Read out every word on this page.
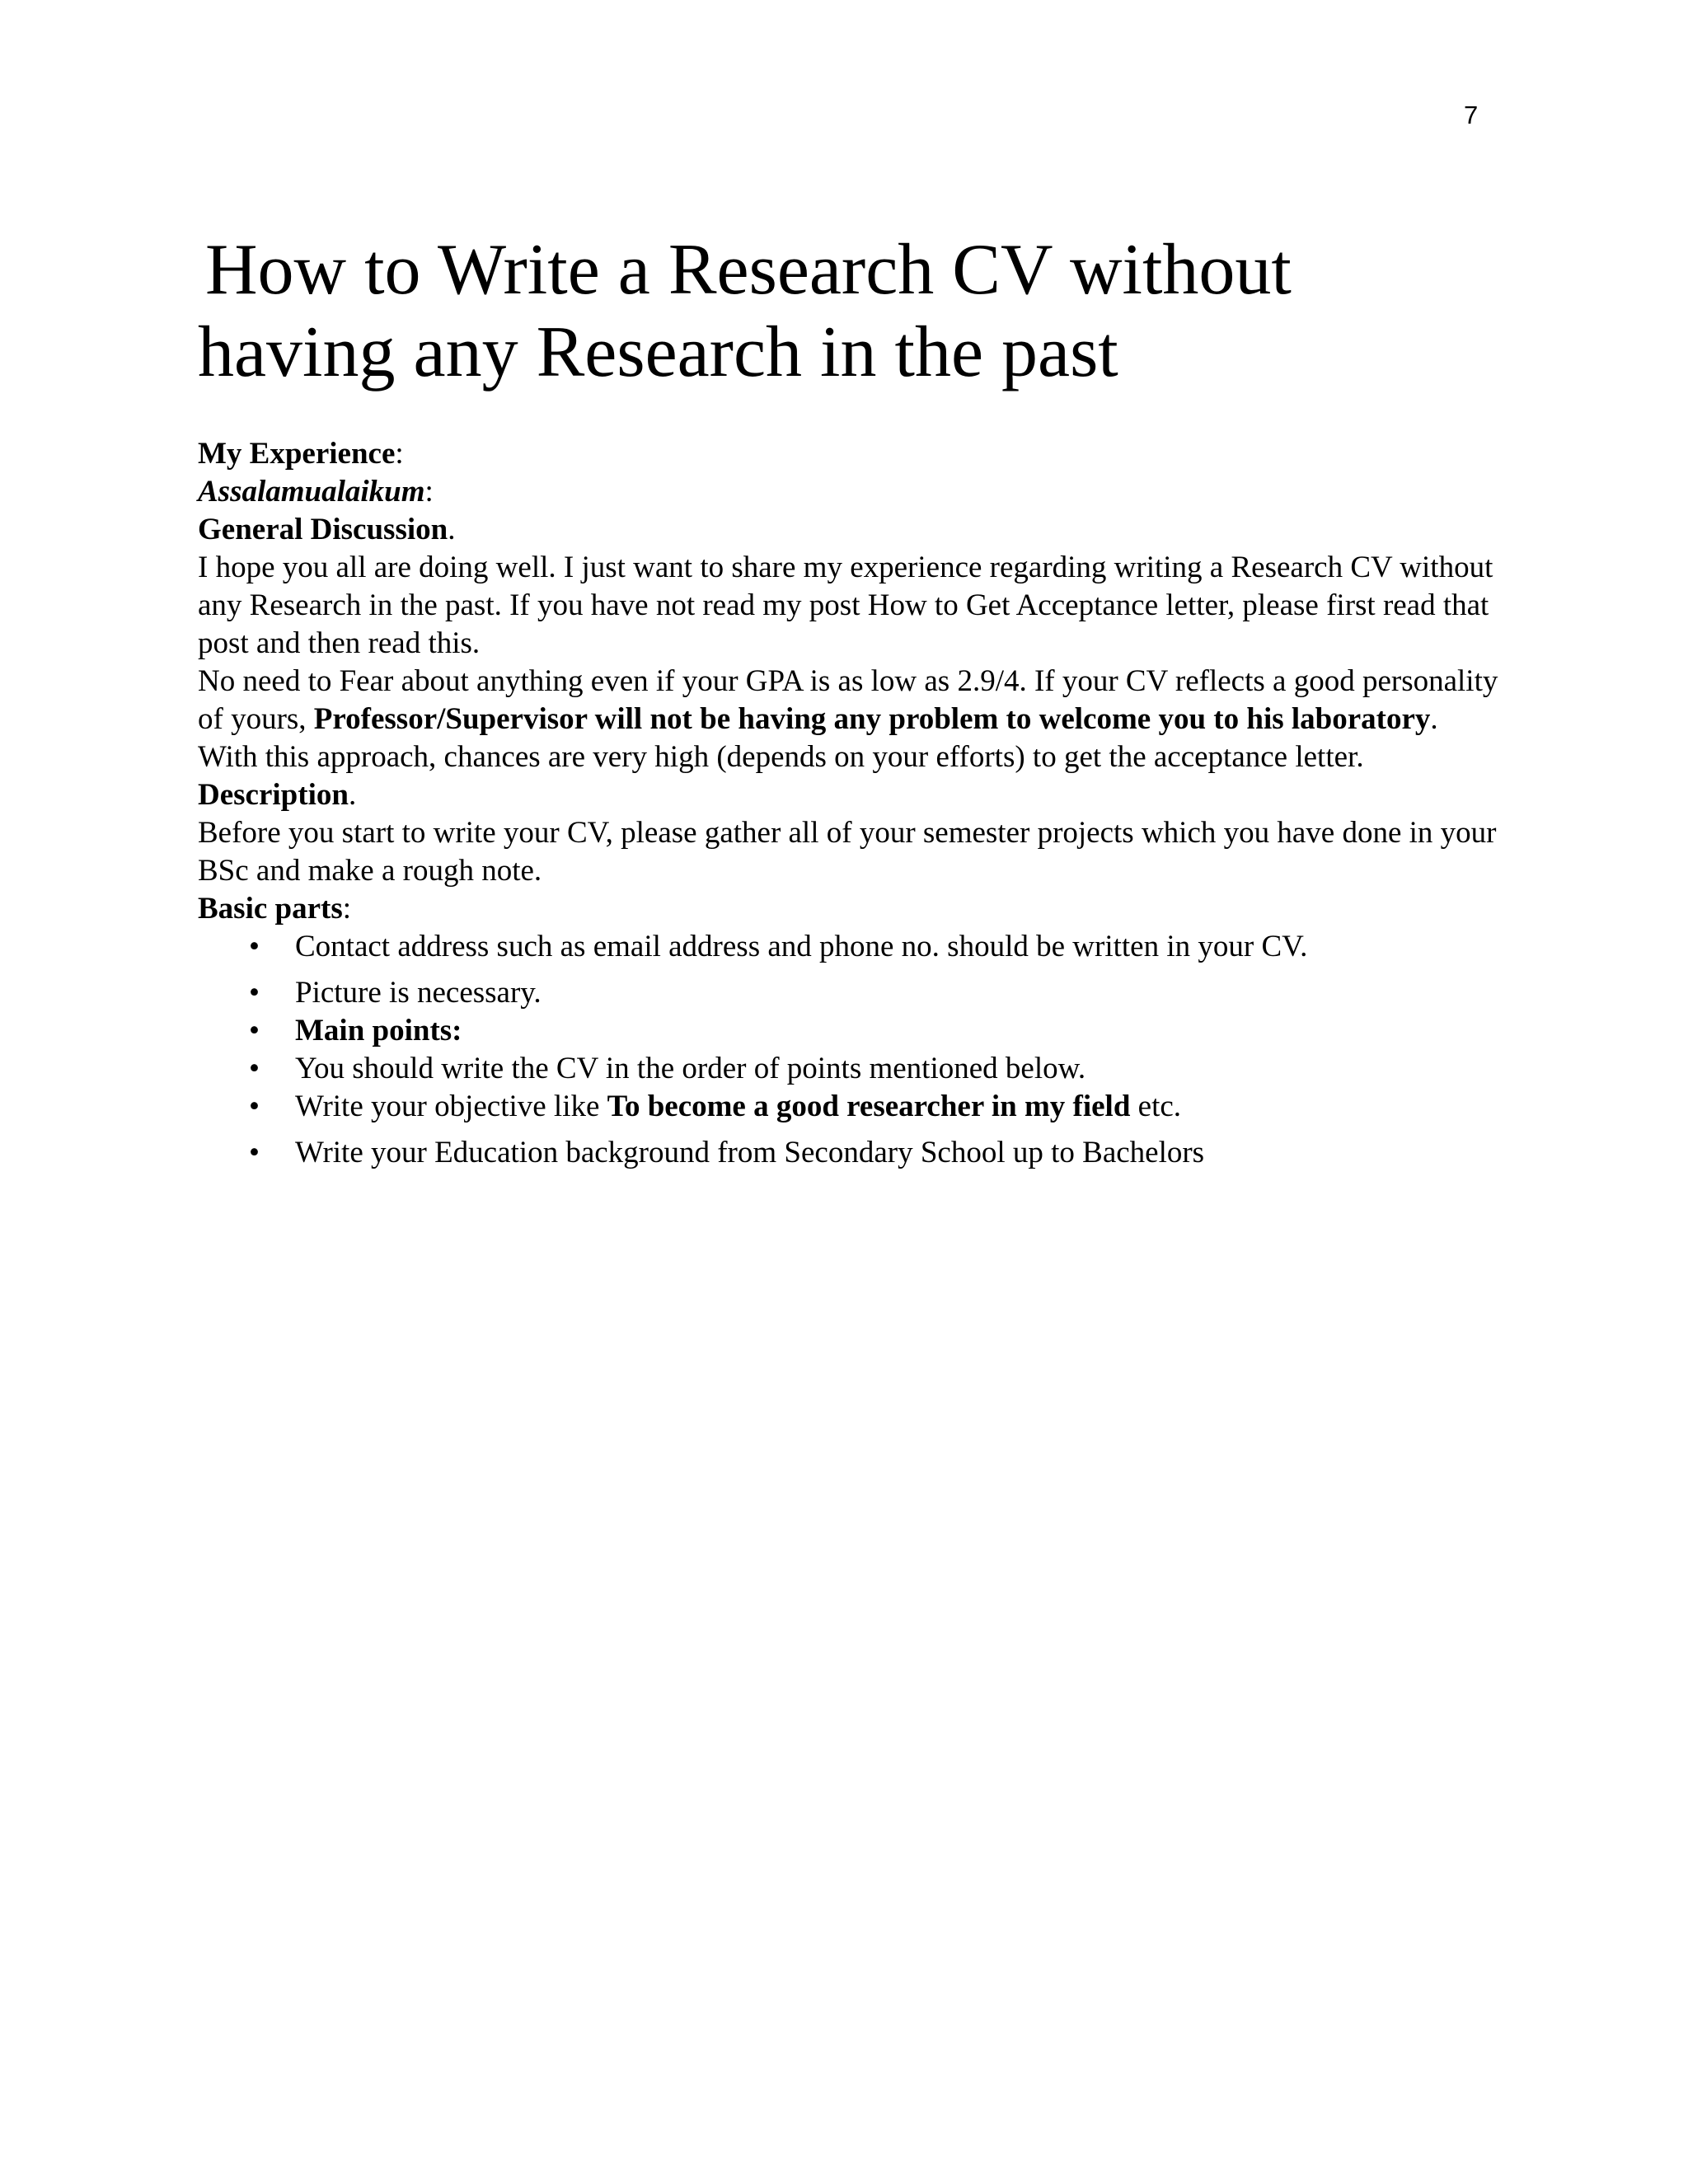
7
How to Write a Research CV without
having any Research in the past

My Experience:

Assalamualaikum:

General Discussion.

I hope you all are doing well. I just want to share my experience regarding writing a Research CV without any Research in the past. If you have not read my post How to Get Acceptance letter, please first read that post and then read this.

No need to Fear about anything even if your GPA is as low as 2.9/4. If your CV reflects a good personality of yours, Professor/Supervisor will not be having any problem to welcome you to his laboratory.

With this approach, chances are very high (depends on your efforts) to get the acceptance letter.

Description.

Before you start to write your CV, please gather all of your semester projects which you have done in your BSc and make a rough note.

Basic parts:

• Contact address such as email address and phone no. should be written in your CV.
• Picture is necessary.
• Main points:
• You should write the CV in the order of points mentioned below.
• Write your objective like To become a good researcher in my field etc.
• Write your Education background from Secondary School up to Bachelors
